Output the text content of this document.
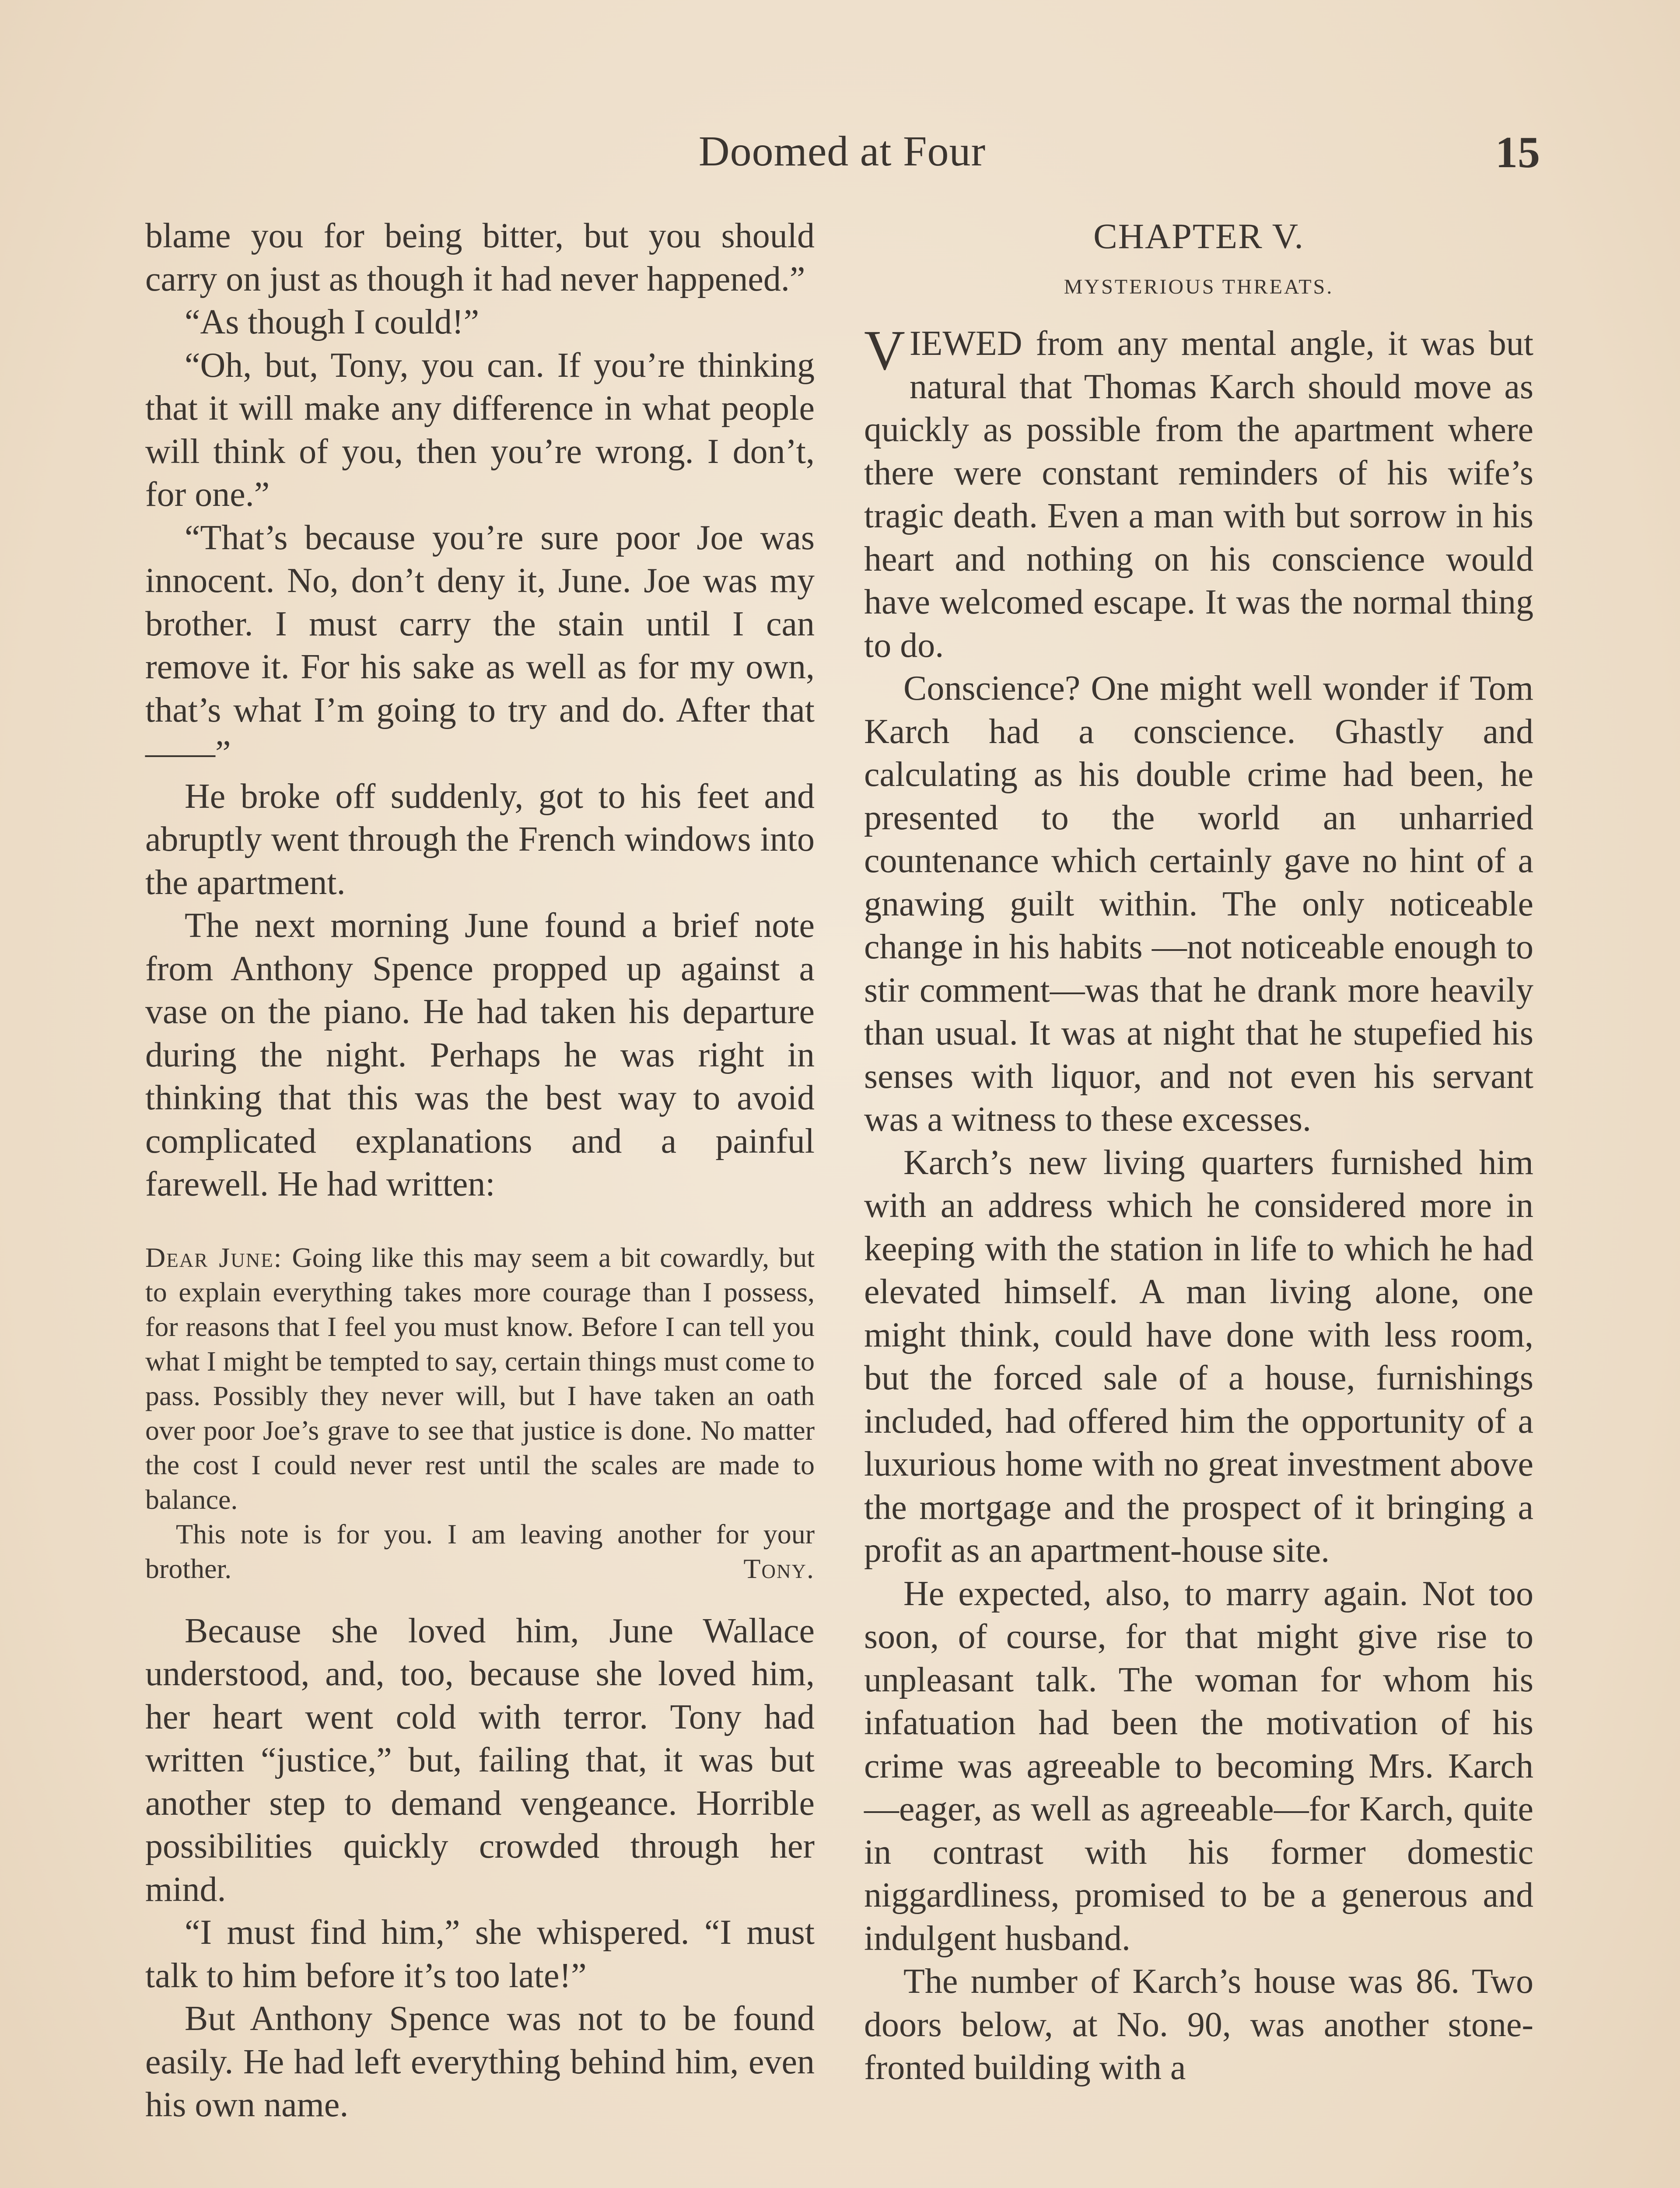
Doomed at Four	15

blame you for being bitter, but you should carry on just as though it had never happened.”

“As though I could!”

“Oh, but, Tony, you can. If you’re thinking that it will make any difference in what people will think of you, then you’re wrong. I don’t, for one.”

“That’s because you’re sure poor Joe was innocent. No, don’t deny it, June. Joe was my brother. I must carry the stain until I can remove it. For his sake as well as for my own, that’s what I’m going to try and do. After that——”

He broke off suddenly, got to his feet and abruptly went through the French windows into the apartment.

The next morning June found a brief note from Anthony Spence propped up against a vase on the piano. He had taken his departure during the night. Perhaps he was right in thinking that this was the best way to avoid complicated explanations and a painful farewell. He had written:

Dear June: Going like this may seem a bit cowardly, but to explain everything takes more courage than I possess, for reasons that I feel you must know. Before I can tell you what I might be tempted to say, certain things must come to pass. Possibly they never will, but I have taken an oath over poor Joe’s grave to see that justice is done. No matter the cost I could never rest until the scales are made to balance.

This note is for you. I am leaving another for your brother.	Tony.

Because she loved him, June Wallace understood, and, too, because she loved him, her heart went cold with terror. Tony had written “justice,” but, failing that, it was but another step to demand vengeance. Horrible possibilities quickly crowded through her mind.

“I must find him,” she whispered. “I must talk to him before it’s too late!”

But Anthony Spence was not to be found easily. He had left everything behind him, even his own name.

CHAPTER V.
MYSTERIOUS THREATS.

VIEWED from any mental angle, it was but natural that Thomas Karch should move as quickly as possible from the apartment where there were constant reminders of his wife’s tragic death. Even a man with but sorrow in his heart and nothing on his conscience would have welcomed escape. It was the normal thing to do.

Conscience? One might well wonder if Tom Karch had a conscience. Ghastly and calculating as his double crime had been, he presented to the world an unharried countenance which certainly gave no hint of a gnawing guilt within. The only noticeable change in his habits —not noticeable enough to stir comment—was that he drank more heavily than usual. It was at night that he stupefied his senses with liquor, and not even his servant was a witness to these excesses.

Karch’s new living quarters furnished him with an address which he considered more in keeping with the station in life to which he had elevated himself. A man living alone, one might think, could have done with less room, but the forced sale of a house, furnishings included, had offered him the opportunity of a luxurious home with no great investment above the mortgage and the prospect of it bringing a profit as an apartment-house site.

He expected, also, to marry again. Not too soon, of course, for that might give rise to unpleasant talk. The woman for whom his infatuation had been the motivation of his crime was agreeable to becoming Mrs. Karch—eager, as well as agreeable—for Karch, quite in contrast with his former domestic niggardliness, promised to be a generous and indulgent husband.

The number of Karch’s house was 86. Two doors below, at No. 90, was another stone-fronted building with a
